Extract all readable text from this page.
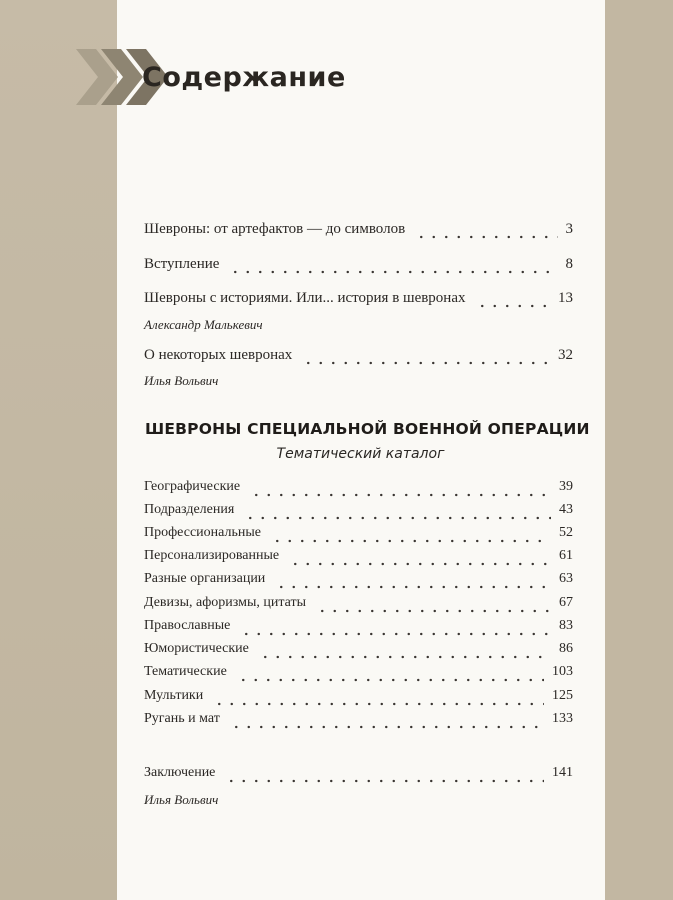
Содержание
Шевроны: от артефактов — до символов	3
Вступление	8
Шевроны с историями. Или... история в шевронах	13
Александр Малькевич
О некоторых шевронах	32
Илья Вольвич
ШЕВРОНЫ СПЕЦИАЛЬНОЙ ВОЕННОЙ ОПЕРАЦИИ
Тематический каталог
Географические	39
Подразделения	43
Профессиональные	52
Персонализированные	61
Разные организации	63
Девизы, афоризмы, цитаты	67
Православные	83
Юмористические	86
Тематические	103
Мультики	125
Ругань и мат	133
Заключение	141
Илья Вольвич
